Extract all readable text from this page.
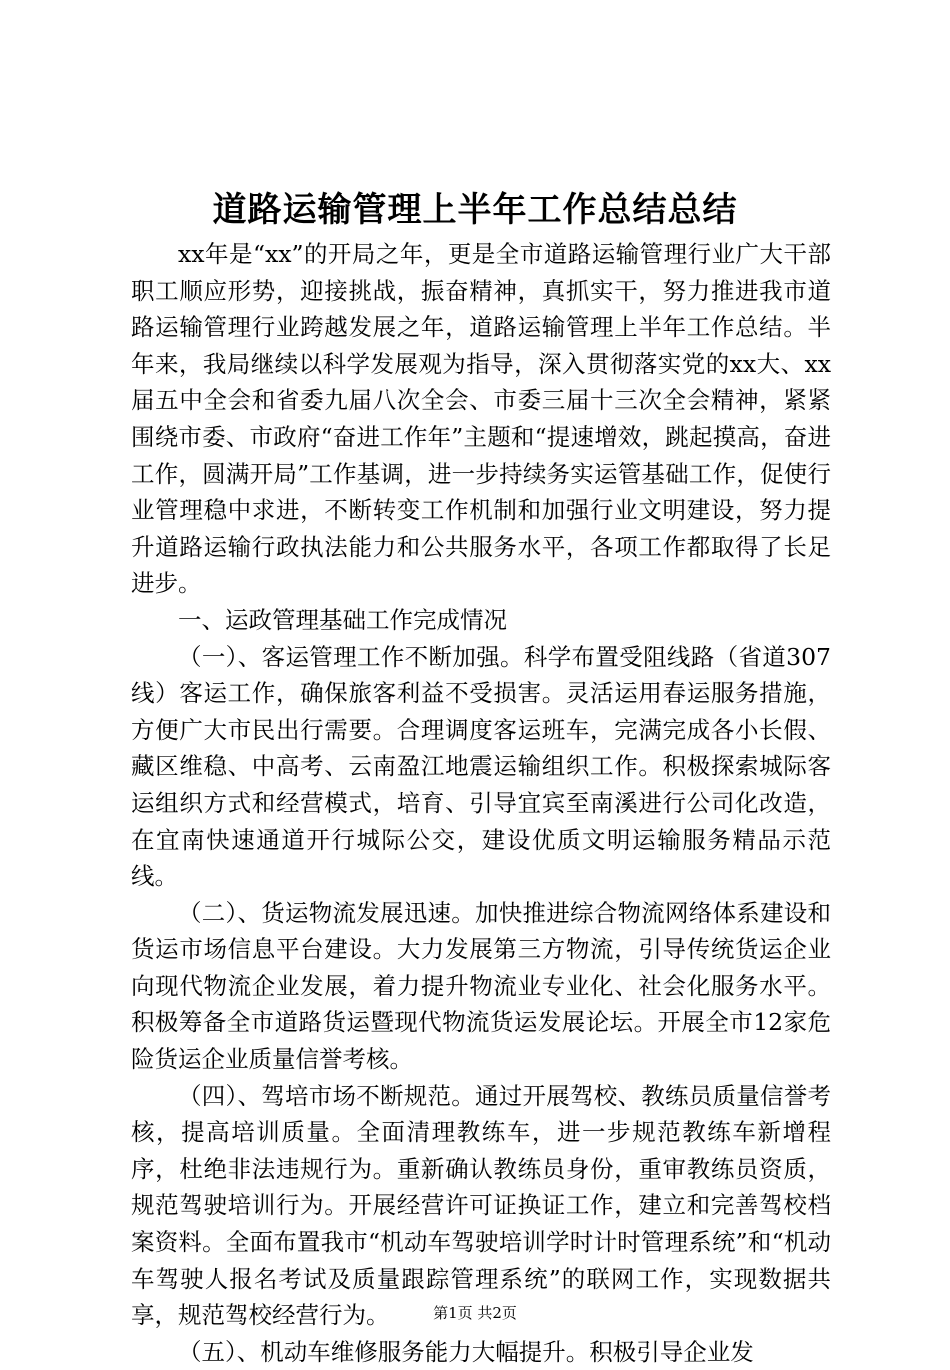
道路运输管理上半年工作总结总结

xx年是“xx”的开局之年，更是全市道路运输管理行业广大干部职工顺应形势，迎接挑战，振奋精神，真抓实干，努力推进我市道路运输管理行业跨越发展之年，道路运输管理上半年工作总结。半年来，我局继续以科学发展观为指导，深入贯彻落实党的xx大、xx届五中全会和省委九届八次全会、市委三届十三次全会精神，紧紧围绕市委、市政府“奋进工作年”主题和“提速增效，跳起摸高，奋进工作，圆满开局”工作基调，进一步持续务实运管基础工作，促使行业管理稳中求进，不断转变工作机制和加强行业文明建设，努力提升道路运输行政执法能力和公共服务水平，各项工作都取得了长足进步。

一、运政管理基础工作完成情况

（一）、客运管理工作不断加强。科学布置受阻线路（省道307线）客运工作，确保旅客利益不受损害。灵活运用春运服务措施，方便广大市民出行需要。合理调度客运班车，完满完成各小长假、藏区维稳、中高考、云南盈江地震运输组织工作。积极探索城际客运组织方式和经营模式，培育、引导宜宾至南溪进行公司化改造，在宜南快速通道开行城际公交，建设优质文明运输服务精品示范线。

（二）、货运物流发展迅速。加快推进综合物流网络体系建设和货运市场信息平台建设。大力发展第三方物流，引导传统货运企业向现代物流企业发展，着力提升物流业专业化、社会化服务水平。积极筹备全市道路货运暨现代物流货运发展论坛。开展全市12家危险货运企业质量信誉考核。

（四）、驾培市场不断规范。通过开展驾校、教练员质量信誉考核，提高培训质量。全面清理教练车，进一步规范教练车新增程序，杜绝非法违规行为。重新确认教练员身份，重审教练员资质，规范驾驶培训行为。开展经营许可证换证工作，建立和完善驾校档案资料。全面布置我市“机动车驾驶培训学时计时管理系统”和“机动车驾驶人报名考试及质量跟踪管理系统”的联网工作，实现数据共享，规范驾校经营行为。

（五）、机动车维修服务能力大幅提升。积极引导企业发

第1页 共2页
